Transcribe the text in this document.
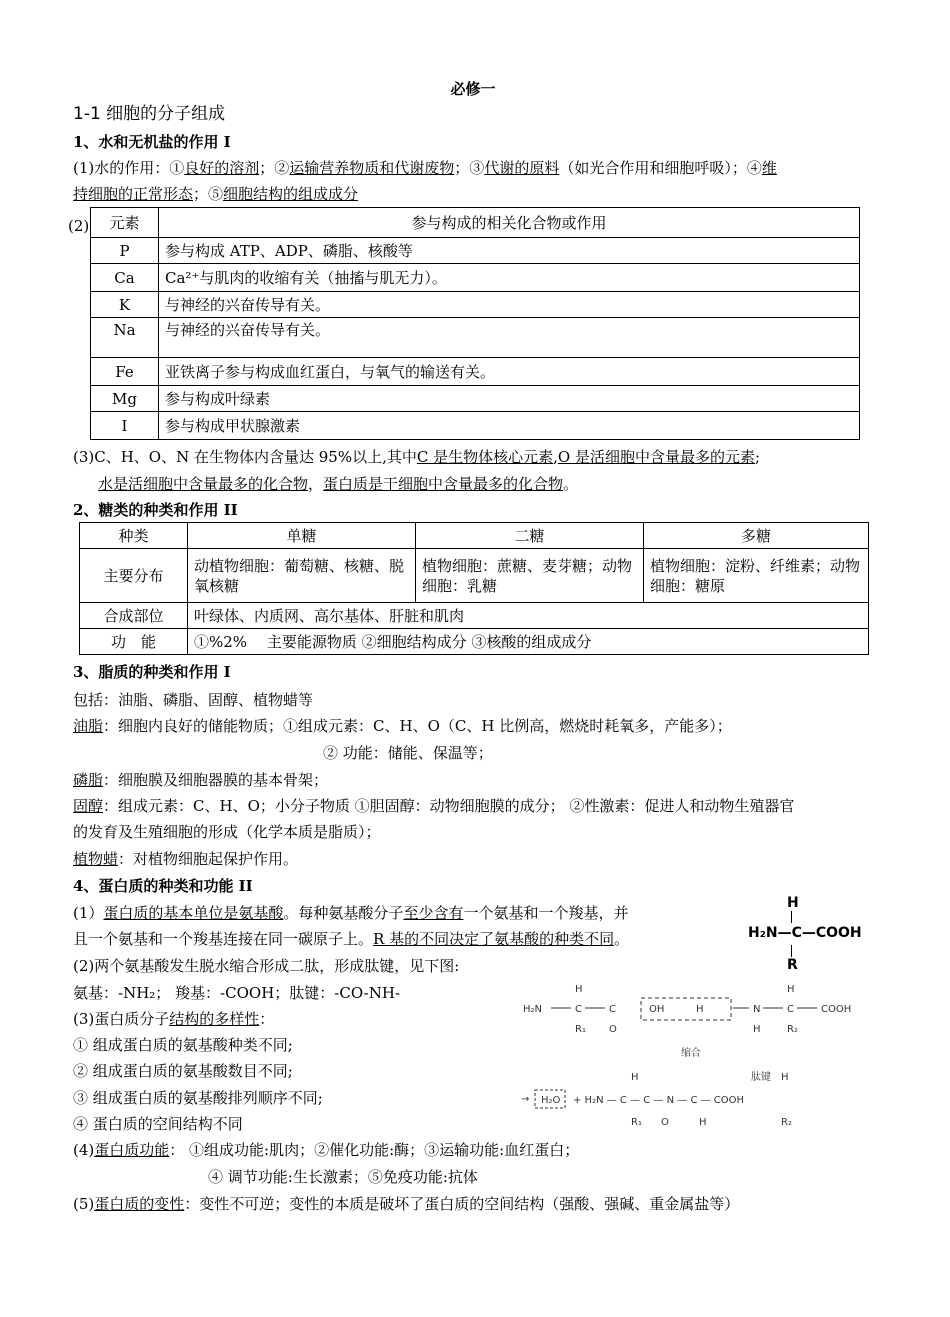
必修一
1-1 细胞的分子组成
1、水和无机盐的作用 I
(1)水的作用：①良好的溶剂；②运输营养物质和代谢废物；③代谢的原料（如光合作用和细胞呼吸）；④维
持细胞的正常形态；⑤细胞结构的组成成分
(2) 元素	参与构成的相关化合物或作用
P	参与构成 ATP、ADP、磷脂、核酸等
Ca	Ca²⁺与肌肉的收缩有关（抽搐与肌无力）。
K	与神经的兴奋传导有关。
Na	与神经的兴奋传导有关。
Fe	亚铁离子参与构成血红蛋白，与氧气的输送有关。
Mg	参与构成叶绿素
I	参与构成甲状腺激素
(3)C、H、O、N 在生物体内含量达 95%以上,其中C 是生物体核心元素,O 是活细胞中含量最多的元素;
水是活细胞中含量最多的化合物，蛋白质是干细胞中含量最多的化合物。
2、糖类的种类和作用 II
种类	单糖	二糖	多糖
主要分布	动植物细胞：葡萄糖、核糖、脱氧核糖	植物细胞：蔗糖、麦芽糖；动物细胞：乳糖	植物细胞：淀粉、纤维素；动物细胞：糖原
合成部位	叶绿体、内质网、高尔基体、肝脏和肌肉		
功　能	①%2%　 主要能源物质 ②细胞结构成分 ③核酸的组成成分		
3、脂质的种类和作用 I
包括：油脂、磷脂、固醇、植物蜡等
油脂：细胞内良好的储能物质；①组成元素：C、H、O（C、H 比例高，燃烧时耗氧多，产能多）；
② 功能：储能、保温等；
磷脂：细胞膜及细胞器膜的基本骨架；
固醇：组成元素：C、H、O；小分子物质 ①胆固醇：动物细胞膜的成分； ②性激素：促进人和动物生殖器官
的发育及生殖细胞的形成（化学本质是脂质）；
植物蜡：对植物细胞起保护作用。
4、蛋白质的种类和功能 II
(1）蛋白质的基本单位是氨基酸。每种氨基酸分子至少含有一个氨基和一个羧基，并
且一个氨基和一个羧基连接在同一碳原子上。R 基的不同决定了氨基酸的种类不同。
(2)两个氨基酸发生脱水缩合形成二肽，形成肽键，见下图:
氨基：-NH₂； 羧基：-COOH；肽键：-CO-NH-
(3)蛋白质分子结构的多样性：
① 组成蛋白质的氨基酸种类不同;
② 组成蛋白质的氨基酸数目不同;
③ 组成蛋白质的氨基酸排列顺序不同;
④ 蛋白质的空间结构不同
(4)蛋白质功能： ①组成功能:肌肉；②催化功能:酶；③运输功能:血红蛋白；
④ 调节功能:生长激素；⑤免疫功能:抗体
(5)蛋白质的变性：变性不可逆；变性的本质是破坏了蛋白质的空间结构（强酸、强碱、重金属盐等）
H
H₂N—C—COOH
R
H₂N	C
H
R₁
C
O
OH	H	N
H
C
H
R₂
COOH
缩合
→ H₂O + H₂N — C — C — N — C — COOH
肽键
H	H
R₁ O	H	R₂
